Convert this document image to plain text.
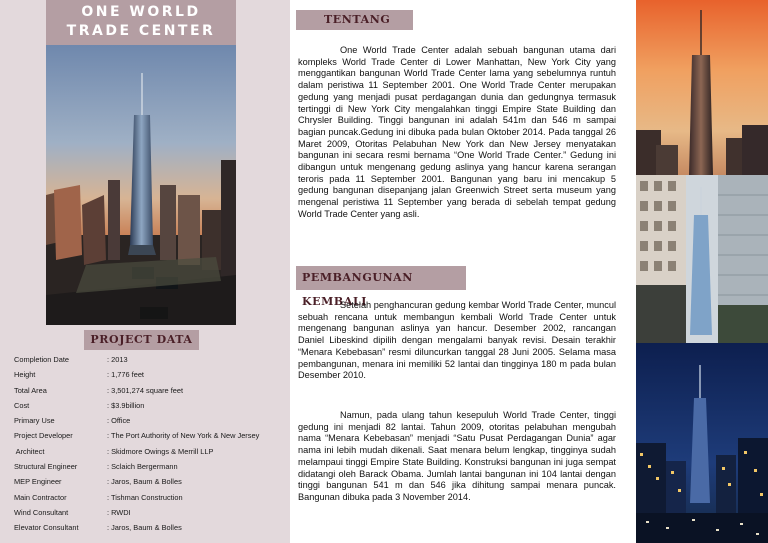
ONE WORLD
TRADE CENTER
PROJECT DATA
Completion Date	: 2013
Height	: 1,776 feet
Total Area	: 3,501,274 square feet
Cost	: $3.9billion
Primary Use	: Office
Project Developer	: The Port Authority of New York & New Jersey
Architect	: Skidmore Owings & Merrill LLP
Structural Engineer	: Sclaich Bergermann
MEP Engineer	: Jaros, Baum & Bolles
Main Contractor	: Tishman Construction
Wind Consultant	: RWDI
Elevator Consultant	: Jaros, Baum & Bolles
TENTANG

One World Trade Center adalah sebuah bangunan utama dari kompleks World Trade Center di Lower Manhattan, New York City yang menggantikan bangunan World Trade Center lama yang sebelumnya runtuh dalam peristiwa 11 September 2001. One World Trade Center merupakan gedung yang menjadi pusat perdagangan dunia dan gedungnya termasuk tertinggi di New York City mengalahkan tinggi Empire State Building dan Chrysler Building. Tinggi bangunan ini adalah 541m dan 546 m sampai bagian puncak.Gedung ini dibuka pada bulan Oktober 2014. Pada tanggal 26 Maret 2009, Otoritas Pelabuhan New York dan New Jersey menyatakan bangunan ini secara resmi bernama “One World Trade Center.” Gedung ini dibangun untuk mengenang gedung aslinya yang hancur karena serangan teroris pada 11 September 2001. Bangunan yang baru ini mencakup 5 gedung bangunan disepanjang jalan Greenwich Street serta museum yang mengenal peristiwa 11 September yang berada di sebelah tempat gedung World Trade Center yang asli.

PEMBANGUNAN KEMBALI

Setelah penghancuran gedung kembar World Trade Center, muncul sebuah rencana untuk membangun kembali World Trade Center untuk mengenang bangunan aslinya yan hancur. Desember 2002, rancangan Daniel Libeskind dipilih dengan mengalami banyak revisi. Desain terakhir “Menara Kebebasan” resmi diluncurkan tanggal 28 Juni 2005. Selama masa pembangunan, menara ini memiliki 52 lantai dan tingginya 180 m pada bulan Desember 2010.

Namun, pada ulang tahun kesepuluh World Trade Center, tinggi gedung ini menjadi 82 lantai. Tahun 2009, otoritas pelabuhan mengubah nama “Menara Kebebasan” menjadi “Satu Pusat Perdagangan Dunia” agar nama ini lebih mudah dikenali. Saat menara belum lengkap, tingginya sudah melampaui tinggi Empire State Building. Konstruksi bangunan ini juga sempat didatangi oleh Barack Obama. Jumlah lantai bangunan ini 104 lantai dengan tinggi bangunan 541 m dan 546 jika dihitung sampai menara puncak. Bangunan dibuka pada 3 November 2014.
